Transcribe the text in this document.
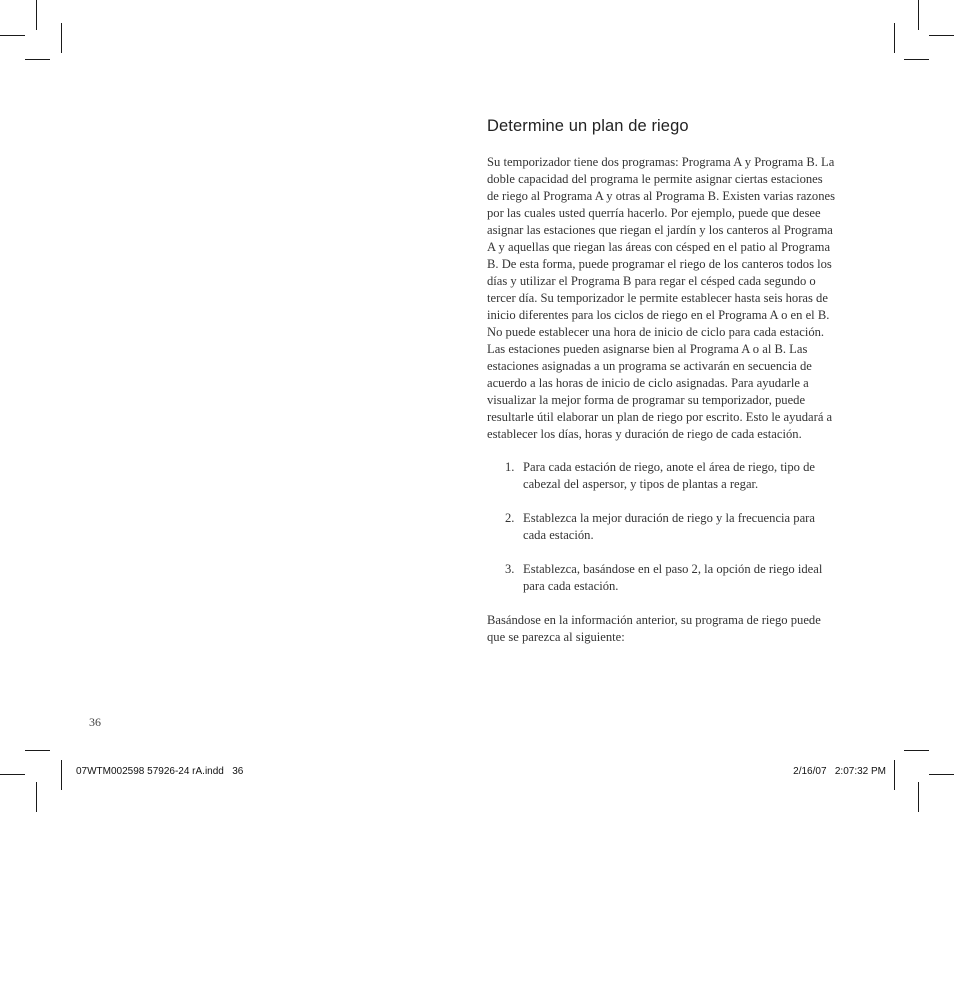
Determine un plan de riego

Su temporizador tiene dos programas: Programa A y Programa B. La doble capacidad del programa le permite asignar ciertas estaciones de riego al Programa A y otras al Programa B. Existen varias razones por las cuales usted querría hacerlo. Por ejemplo, puede que desee asignar las estaciones que riegan el jardín y los canteros al Programa A y aquellas que riegan las áreas con césped en el patio al Programa B. De esta forma, puede programar el riego de los canteros todos los días y utilizar el Programa B para regar el césped cada segundo o tercer día. Su temporizador le permite establecer hasta seis horas de inicio diferentes para los ciclos de riego en el Programa A o en el B. No puede establecer una hora de inicio de ciclo para cada estación. Las estaciones pueden asignarse bien al Programa A o al B. Las estaciones asignadas a un programa se activarán en secuencia de acuerdo a las horas de inicio de ciclo asignadas. Para ayudarle a visualizar la mejor forma de programar su temporizador, puede resultarle útil elaborar un plan de riego por escrito. Esto le ayudará a establecer los días, horas y duración de riego de cada estación.

1. Para cada estación de riego, anote el área de riego, tipo de cabezal del aspersor, y tipos de plantas a regar.
2. Establezca la mejor duración de riego y la frecuencia para cada estación.
3. Establezca, basándose en el paso 2, la opción de riego ideal para cada estación.

Basándose en la información anterior, su programa de riego puede que se parezca al siguiente:

36
07WTM002598 57926-24 rA.indd   36	2/16/07   2:07:32 PM
